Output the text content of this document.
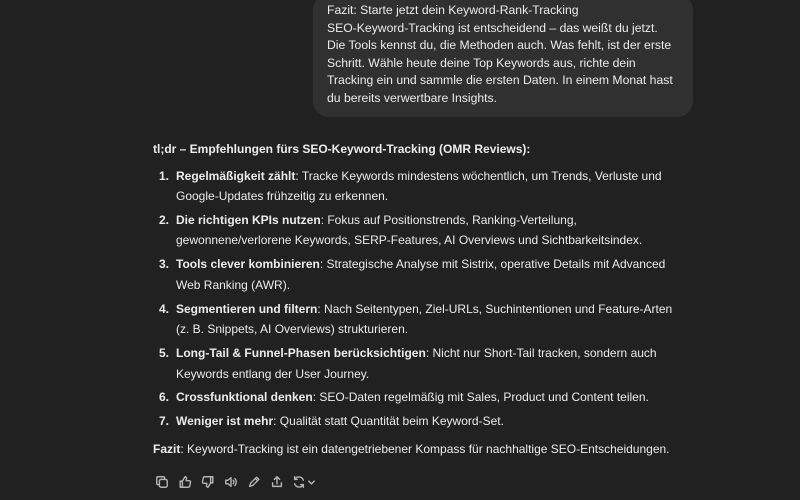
Fazit: Starte jetzt dein Keyword-Rank-Tracking

SEO-Keyword-Tracking ist entscheidend – das weißt du jetzt. Die Tools kennst du, die Methoden auch. Was fehlt, ist der erste Schritt. Wähle heute deine Top Keywords aus, richte dein Tracking ein und sammle die ersten Daten. In einem Monat hast du bereits verwertbare Insights.

tl;dr – Empfehlungen fürs SEO-Keyword-Tracking (OMR Reviews):

1. Regelmäßigkeit zählt: Tracke Keywords mindestens wöchentlich, um Trends, Verluste und Google-Updates frühzeitig zu erkennen.
2. Die richtigen KPIs nutzen: Fokus auf Positionstrends, Ranking-Verteilung, gewonnene/verlorene Keywords, SERP-Features, AI Overviews und Sichtbarkeitsindex.
3. Tools clever kombinieren: Strategische Analyse mit Sistrix, operative Details mit Advanced Web Ranking (AWR).
4. Segmentieren und filtern: Nach Seitentypen, Ziel-URLs, Suchintentionen und Feature-Arten (z. B. Snippets, AI Overviews) strukturieren.
5. Long-Tail & Funnel-Phasen berücksichtigen: Nicht nur Short-Tail tracken, sondern auch Keywords entlang der User Journey.
6. Crossfunktional denken: SEO-Daten regelmäßig mit Sales, Product und Content teilen.
7. Weniger ist mehr: Qualität statt Quantität beim Keyword-Set.

Fazit: Keyword-Tracking ist ein datengetriebener Kompass für nachhaltige SEO-Entscheidungen.
